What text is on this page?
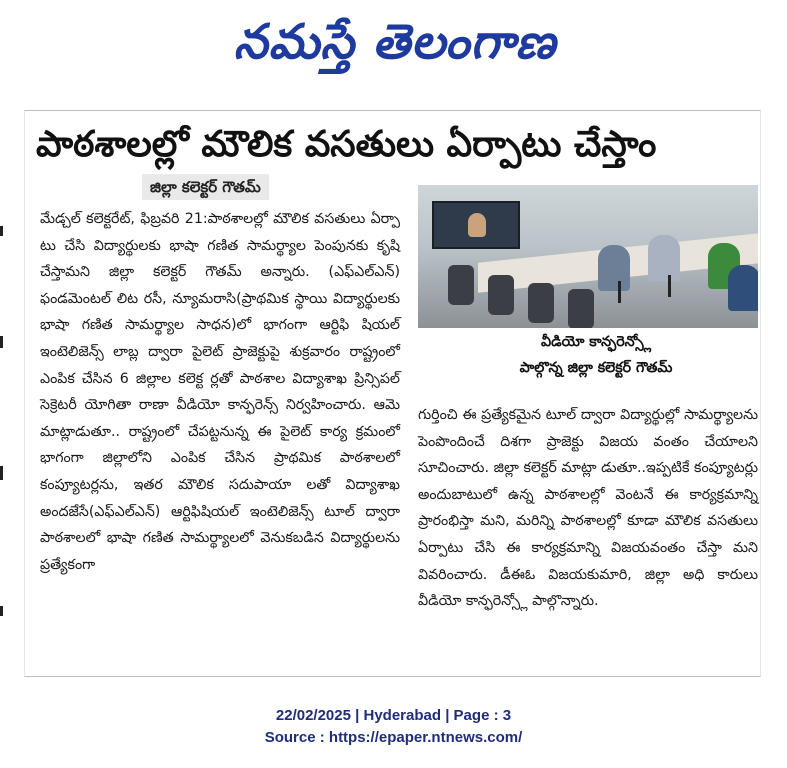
నమస్తే తెలంగాణ
పాఠశాలల్లో మౌలిక వసతులు ఏర్పాటు చేస్తాం
జిల్లా కలెక్టర్ గౌతమ్

మేడ్చల్ కలెక్టరేట్, ఫిబ్రవరి 21:పాఠశాలల్లో మౌలిక వసతులు ఏర్పా టు చేసి విద్యార్థులకు భాషా గణిత సామర్థ్యాల పెంపునకు కృషి చేస్తామని జిల్లా కలెక్టర్ గౌతమ్ అన్నారు. (ఎఫ్ఎల్ఎన్) ఫండమెంటల్ లిట రసీ, న్యూమరాసి(ప్రాథమిక స్థాయి విద్యార్థులకు భాషా గణిత సామర్థ్యాల సాధన)లో భాగంగా ఆర్టిఫి షియల్ ఇంటెలిజెన్స్ లాబ్ల ద్వారా పైలెట్ ప్రాజెక్టుపై శుక్రవారం రాష్ట్రంలో ఎంపిక చేసిన 6 జిల్లాల కలెక్ట ర్లతో పాఠశాల విద్యాశాఖ ప్రిన్సిపల్ సెక్రెటరీ యోగితా రాణా వీడియో కాన్ఫరెన్స్ నిర్వహించారు. ఆమె మాట్లాడుతూ.. రాష్ట్రంలో చేపట్టనున్న ఈ పైలెట్ కార్య క్రమంలో భాగంగా జిల్లాలోని ఎంపిక చేసిన ప్రాథమిక పాఠశాలలో కంప్యూటర్లను, ఇతర మౌలిక సదుపాయా లతో విద్యాశాఖ అందజేసే(ఎఫ్ఎల్ఎన్) ఆర్టిఫిషియల్ ఇంటెలిజెన్స్ టూల్ ద్వారా పాఠశాలలో భాషా గణిత సామర్థ్యాలలో వెనుకబడిన విద్యార్థులను ప్రత్యేకంగా

వీడియో కాన్ఫరెన్స్లో
పాల్గొన్న జిల్లా కలెక్టర్ గౌతమ్

గుర్తించి ఈ ప్రత్యేకమైన టూల్ ద్వారా విద్యార్థుల్లో సామర్థ్యాలను పెంపొందించే దిశగా ప్రాజెక్టు విజయ వంతం చేయాలని సూచించారు. జిల్లా కలెక్టర్ మాట్లా డుతూ..ఇప్పటికే కంప్యూటర్లు అందుబాటులో ఉన్న పాఠశాలల్లో వెంటనే ఈ కార్యక్రమాన్ని ప్రారంభిస్తా మని, మరిన్ని పాఠశాలల్లో కూడా మౌలిక వసతులు ఏర్పాటు చేసి ఈ కార్యక్రమాన్ని విజయవంతం చేస్తా మని వివరించారు. డీఈఓ విజయకుమారి, జిల్లా అధి కారులు వీడియో కాన్ఫరెన్స్లో పాల్గొన్నారు.

22/02/2025 | Hyderabad | Page : 3
Source : https://epaper.ntnews.com/
